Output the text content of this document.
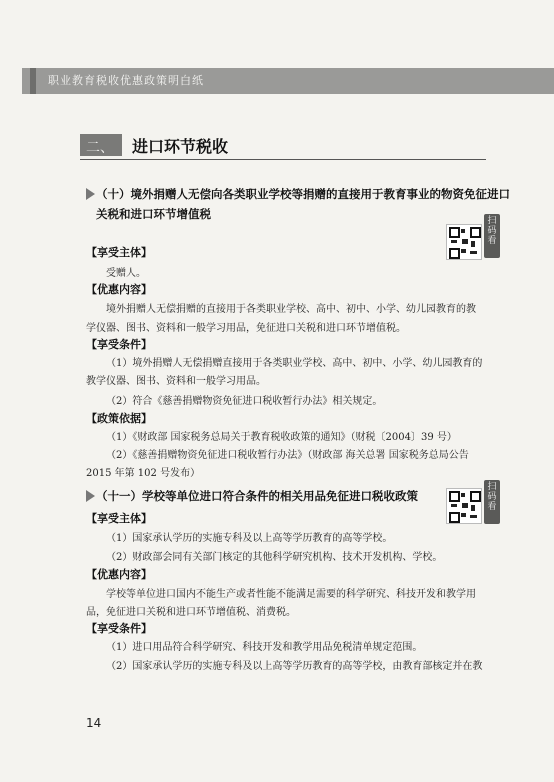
职业教育税收优惠政策明白纸
二、 进口环节税收
（十）境外捐赠人无偿向各类职业学校等捐赠的直接用于教育事业的物资免征进口
关税和进口环节增值税	扫码看
【享受主体】
受赠人。
【优惠内容】
境外捐赠人无偿捐赠的直接用于各类职业学校、高中、初中、小学、幼儿园教育的教
学仪器、图书、资料和一般学习用品，免征进口关税和进口环节增值税。
【享受条件】
（1）境外捐赠人无偿捐赠直接用于各类职业学校、高中、初中、小学、幼儿园教育的
教学仪器、图书、资料和一般学习用品。
（2）符合《慈善捐赠物资免征进口税收暂行办法》相关规定。
【政策依据】
（1）《财政部 国家税务总局关于教育税收政策的通知》（财税〔2004〕39 号）
（2）《慈善捐赠物资免征进口税收暂行办法》（财政部 海关总署 国家税务总局公告
2015 年第 102 号发布）
（十一）学校等单位进口符合条件的相关用品免征进口税收政策
扫码看
【享受主体】
（1）国家承认学历的实施专科及以上高等学历教育的高等学校。
（2）财政部会同有关部门核定的其他科学研究机构、技术开发机构、学校。
【优惠内容】
学校等单位进口国内不能生产或者性能不能满足需要的科学研究、科技开发和教学用
品，免征进口关税和进口环节增值税、消费税。
【享受条件】
（1）进口用品符合科学研究、科技开发和教学用品免税清单规定范围。
（2）国家承认学历的实施专科及以上高等学历教育的高等学校，由教育部核定并在教
14
